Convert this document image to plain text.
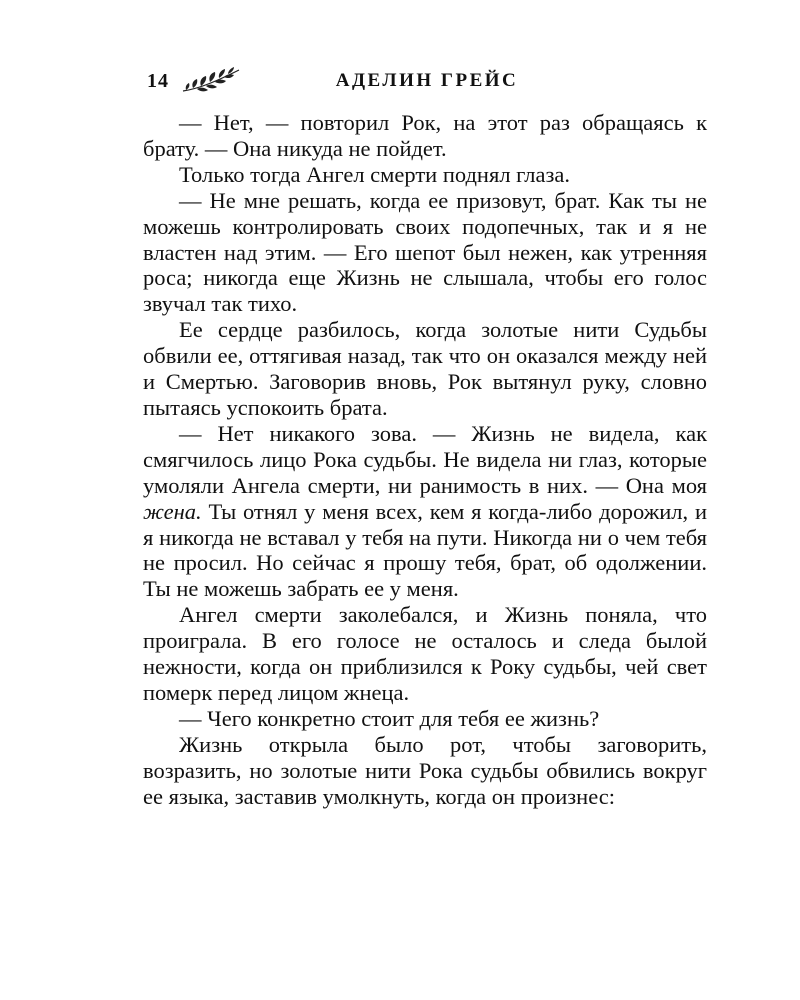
14	АДЕЛИН ГРЕЙС

— Нет, — повторил Рок, на этот раз обращаясь к брату. — Она никуда не пойдет.

Только тогда Ангел смерти поднял глаза.

— Не мне решать, когда ее призовут, брат. Как ты не можешь контролировать своих подопечных, так и я не властен над этим. — Его шепот был нежен, как утренняя роса; никогда еще Жизнь не слышала, чтобы его голос звучал так тихо.

Ее сердце разбилось, когда золотые нити Судьбы обвили ее, оттягивая назад, так что он оказался между ней и Смертью. Заговорив вновь, Рок вытянул руку, словно пытаясь успокоить брата.

— Нет никакого зова. — Жизнь не видела, как смягчилось лицо Рока судьбы. Не видела ни глаз, которые умоляли Ангела смерти, ни ранимость в них. — Она моя жена. Ты отнял у меня всех, кем я когда-либо дорожил, и я никогда не вставал у тебя на пути. Никогда ни о чем тебя не просил. Но сейчас я прошу тебя, брат, об одолжении. Ты не можешь забрать ее у меня.

Ангел смерти заколебался, и Жизнь поняла, что проиграла. В его голосе не осталось и следа былой нежности, когда он приблизился к Року судьбы, чей свет померк перед лицом жнеца.

— Чего конкретно стоит для тебя ее жизнь?

Жизнь открыла было рот, чтобы заговорить, возразить, но золотые нити Рока судьбы обвились вокруг ее языка, заставив умолкнуть, когда он произнес:
